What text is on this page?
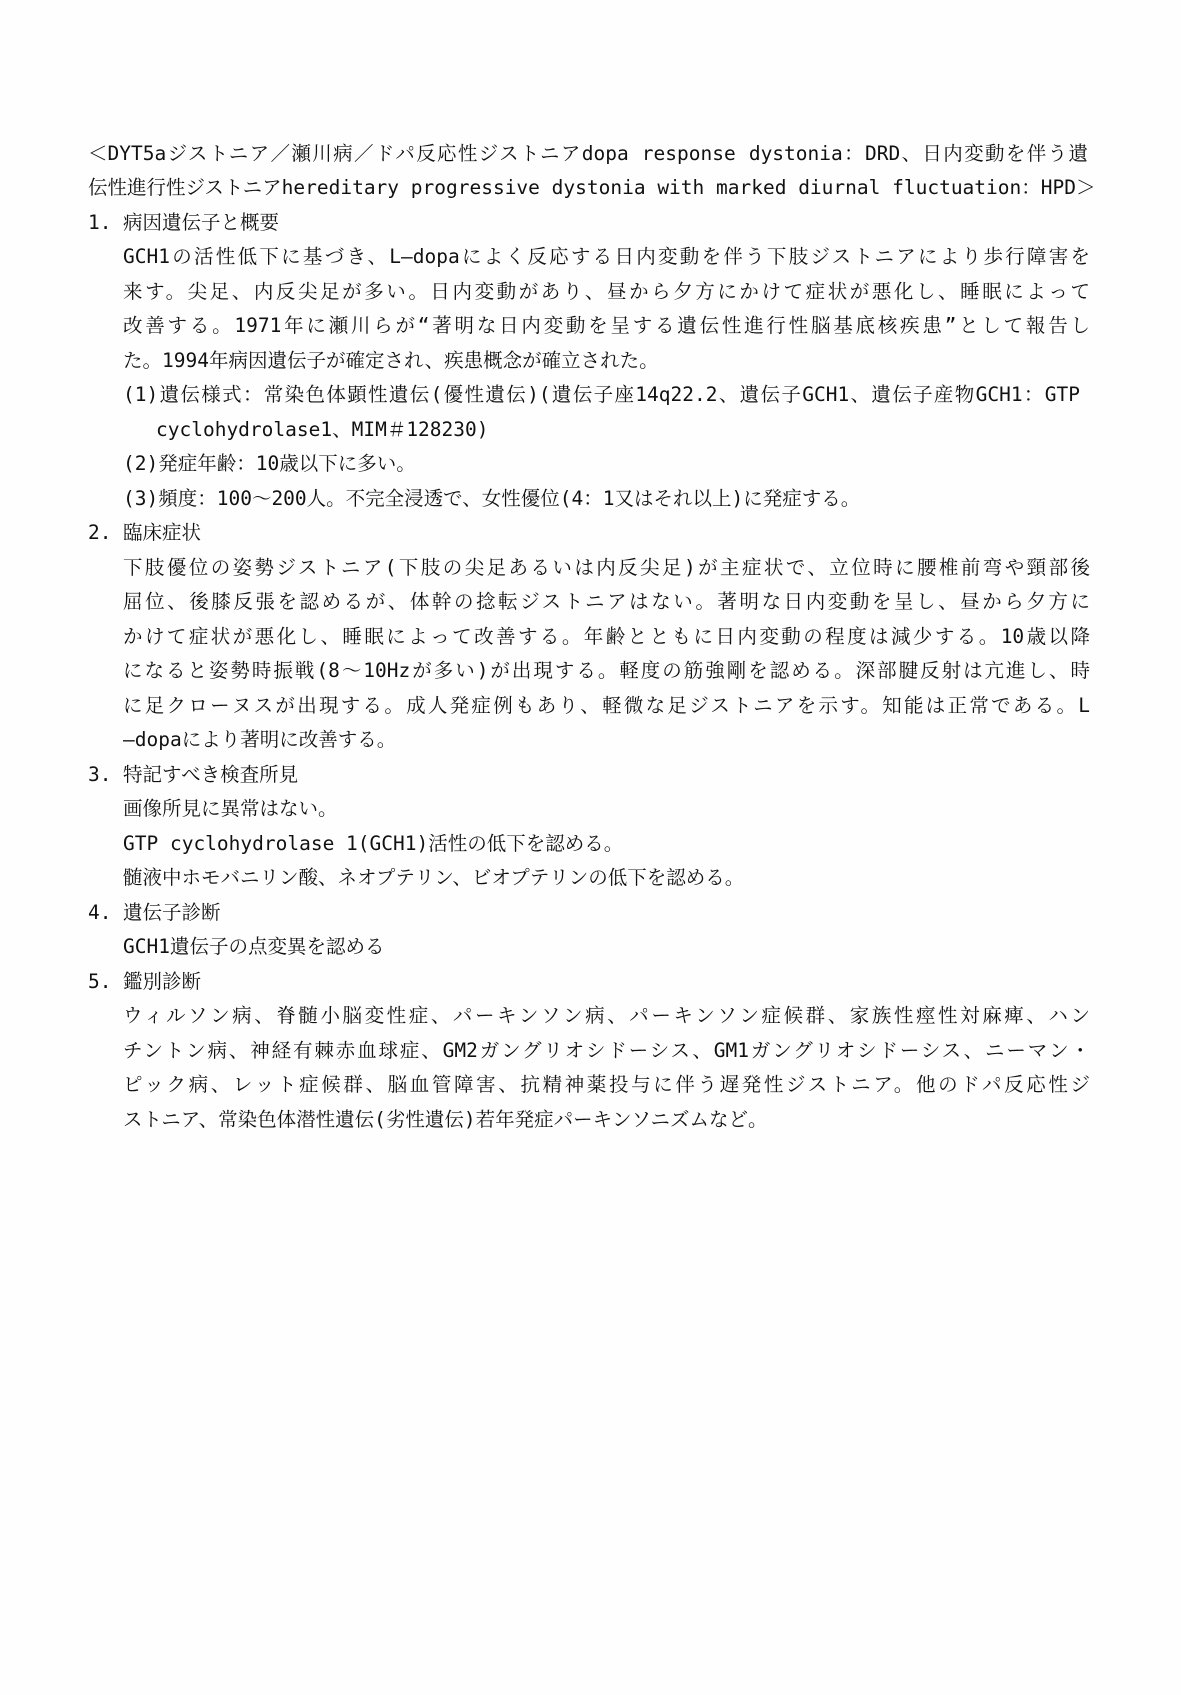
＜DYT5aジストニア／瀬川病／ドパ反応性ジストニアdopa response dystonia：DRD、日内変動を伴う遺
伝性進行性ジストニアhereditary progressive dystonia with marked diurnal fluctuation：HPD＞
1. 病因遺伝子と概要
GCH1の活性低下に基づき、L—dopaによく反応する日内変動を伴う下肢ジストニアにより歩行障害を
来す。尖足、内反尖足が多い。日内変動があり、昼から夕方にかけて症状が悪化し、睡眠によって
改善する。1971年に瀬川らが“著明な日内変動を呈する遺伝性進行性脳基底核疾患”として報告し
た。1994年病因遺伝子が確定され、疾患概念が確立された。
(1)遺伝様式：常染色体顕性遺伝(優性遺伝)(遺伝子座14q22.2、遺伝子GCH1、遺伝子産物GCH1：GTP
cyclohydrolase1、MIM＃128230)
(2)発症年齢：10歳以下に多い。
(3)頻度：100〜200人。不完全浸透で、女性優位(4：1又はそれ以上)に発症する。
2. 臨床症状
下肢優位の姿勢ジストニア(下肢の尖足あるいは内反尖足)が主症状で、立位時に腰椎前弯や頸部後
屈位、後膝反張を認めるが、体幹の捻転ジストニアはない。著明な日内変動を呈し、昼から夕方に
かけて症状が悪化し、睡眠によって改善する。年齢とともに日内変動の程度は減少する。10歳以降
になると姿勢時振戦(8〜10Hzが多い)が出現する。軽度の筋強剛を認める。深部腱反射は亢進し、時
に足クローヌスが出現する。成人発症例もあり、軽微な足ジストニアを示す。知能は正常である。L
—dopaにより著明に改善する。
3. 特記すべき検査所見
画像所見に異常はない。
GTP cyclohydrolase 1(GCH1)活性の低下を認める。
髄液中ホモバニリン酸、ネオプテリン、ビオプテリンの低下を認める。
4. 遺伝子診断
GCH1遺伝子の点変異を認める
5. 鑑別診断
ウィルソン病、脊髄小脳変性症、パーキンソン病、パーキンソン症候群、家族性痙性対麻痺、ハン
チントン病、神経有棘赤血球症、GM2ガングリオシドーシス、GM1ガングリオシドーシス、ニーマン・
ピック病、レット症候群、脳血管障害、抗精神薬投与に伴う遅発性ジストニア。他のドパ反応性ジ
ストニア、常染色体潜性遺伝(劣性遺伝)若年発症パーキンソニズムなど。
